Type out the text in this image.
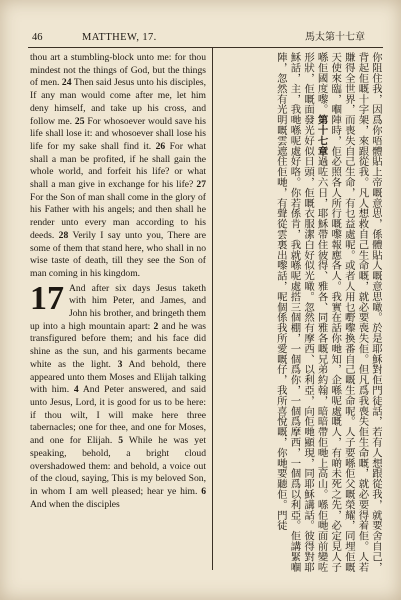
46	MATTHEW, 17.	馬太第十七章

thou art a stumbling-block unto me: for thou mindest not the things of God, but the things of men. 24 Then said Jesus unto his disciples, If any man would come after me, let him deny himself, and take up his cross, and follow me. 25 For whosoever would save his life shall lose it: and whosoever shall lose his life for my sake shall find it. 26 For what shall a man be profited, if he shall gain the whole world, and forfeit his life? or what shall a man give in exchange for his life? 27 For the Son of man shall come in the glory of his Father with his angels; and then shall he render unto every man according to his deeds. 28 Verily I say unto you, There are some of them that stand here, who shall in no wise taste of death, till they see the Son of man coming in his kingdom.

17 And after six days Jesus taketh with him Peter, and James, and John his brother, and bringeth them up into a high mountain apart: 2 and he was transfigured before them; and his face did shine as the sun, and his garments became white as the light. 3 And behold, there appeared unto them Moses and Elijah talking with him. 4 And Peter answered, and said unto Jesus, Lord, it is good for us to be here: if thou wilt, I will make here three tabernacles; one for thee, and one for Moses, and one for Elijah. 5 While he was yet speaking, behold, a bright cloud overshadowed them: and behold, a voice out of the cloud, saying, This is my beloved Son, in whom I am well pleased; hear ye him. 6 And when the disciples	你阻住我，因爲你唔體貼上帝嘅意思，係體貼人嘅意思噉。於是耶穌對佢門徒話，若有人想跟從我，就要舍自己，背起佢嘅十字架，來跟從我。凡人想救自己生命嘅，就必要喪失佢。但凡爲我喪失佢生命嘅，就必要得着佢。人若賺得全世界，而喪失自己生命，有乜益處呢。或者人用乜嘢嚟換番自己嘅生命呢。人子要喺佢父嘅榮耀，同埋佢嘅天使來臨，嗰陣時，佢必照各人所行嘅嚟報應各人。我實在話你哋知，企喺呢處嘅人，有啲未死之先，必定見人子喺佢國度嚟。第十七章過咗六日，耶穌帶住彼得、雅各、同雅各嘅兄弟約翰，暗暗帶佢哋上高山。喺佢哋面前變咗形狀，佢嘅面發光好似日頭，佢嘅衣服潔白好似光噉。忽然有摩西、以利亞，向佢哋顯現，同耶穌講話。彼得對耶穌話，主，我哋喺呢處好咯。你若係肯，我就喺呢處搭三個棚，一個爲你，一個爲摩西，一個爲以利亞。佢講緊嗰陣，忽然有光明嘅雲遮住佢哋，有聲從雲裏出嚟話，呢個係我所愛嘅仔，我所喜悅嘅，你哋要聽佢。門徒
